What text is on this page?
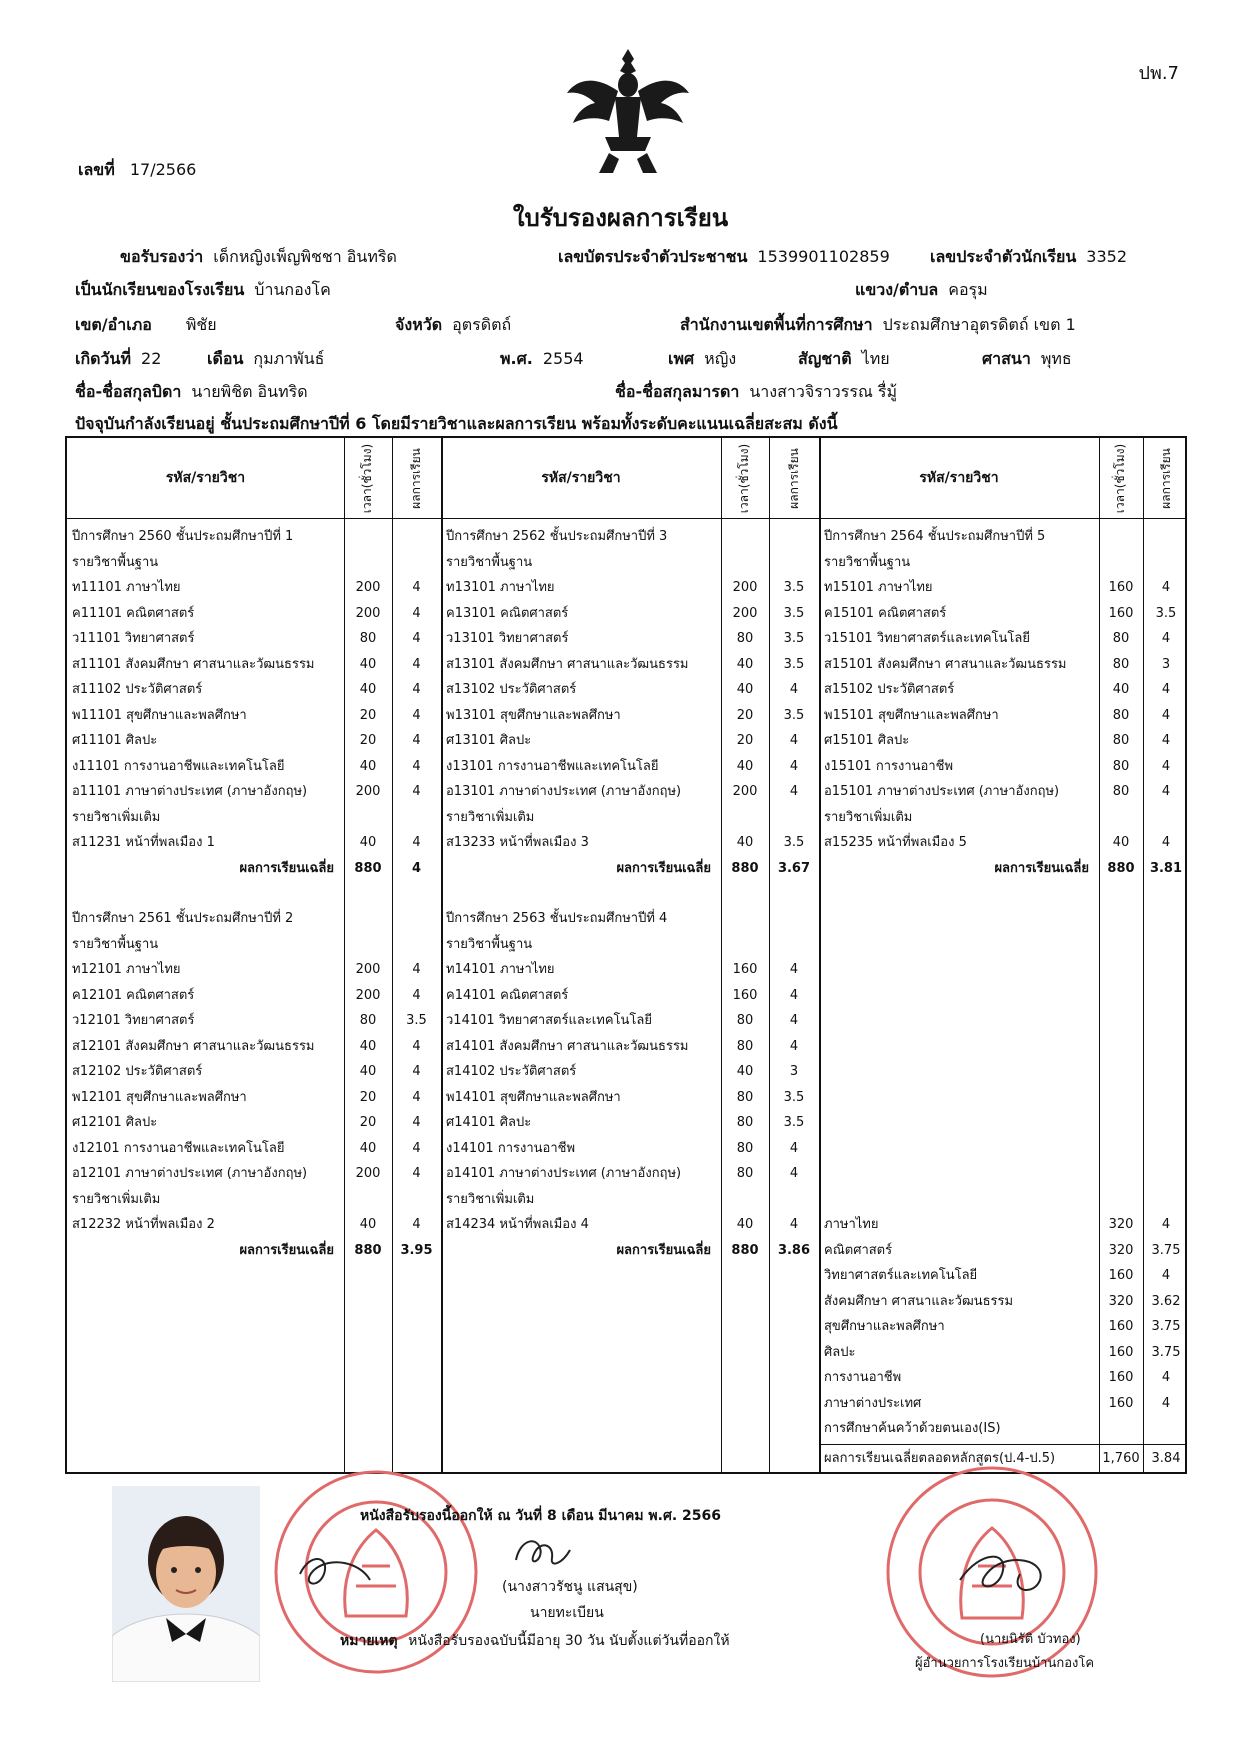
ปพ.7
เลขที่ 17/2566
ใบรับรองผลการเรียน
ขอรับรองว่า เด็กหญิงเพ็ญพิชชา อินทริด	เลขบัตรประจำตัวประชาชน 1539901102859	เลขประจำตัวนักเรียน 3352
เป็นนักเรียนของโรงเรียน บ้านกองโค	แขวง/ตำบล คอรุม
เขต/อำเภอ พิชัย	จังหวัด อุตรดิตถ์	สำนักงานเขตพื้นที่การศึกษา ประถมศึกษาอุตรดิตถ์ เขต 1
เกิดวันที่ 22	เดือน กุมภาพันธ์	พ.ศ. 2554	เพศ หญิง	สัญชาติ ไทย	ศาสนา พุทธ
ชื่อ-ชื่อสกุลบิดา นายพิชิต อินทริด	ชื่อ-ชื่อสกุลมารดา นางสาวจิราวรรณ รื่มู้
ปัจจุบันกำลังเรียนอยู่ ชั้นประถมศึกษาปีที่ 6 โดยมีรายวิชาและผลการเรียน พร้อมทั้งระดับคะแนนเฉลี่ยสะสม ดังนี้
รหัส/รายวิชา	เวลา(ชั่วโมง)	ผลการเรียน	รหัส/รายวิชา	เวลา(ชั่วโมง)	ผลการเรียน	รหัส/รายวิชา	เวลา(ชั่วโมง)	ผลการเรียน
ปีการศึกษา 2560 ชั้นประถมศึกษาปีที่ 1
รายวิชาพื้นฐาน
ท11101 ภาษาไทย	200	4
ค11101 คณิตศาสตร์	200	4
ว11101 วิทยาศาสตร์	80	4
ส11101 สังคมศึกษา ศาสนาและวัฒนธรรม	40	4
ส11102 ประวัติศาสตร์	40	4
พ11101 สุขศึกษาและพลศึกษา	20	4
ศ11101 ศิลปะ	20	4
ง11101 การงานอาชีพและเทคโนโลยี	40	4
อ11101 ภาษาต่างประเทศ (ภาษาอังกฤษ)	200	4
รายวิชาเพิ่มเติม
ส11231 หน้าที่พลเมือง 1	40	4
ผลการเรียนเฉลี่ย	880	4
ปีการศึกษา 2561 ชั้นประถมศึกษาปีที่ 2
รายวิชาพื้นฐาน
ท12101 ภาษาไทย	200	4
ค12101 คณิตศาสตร์	200	4
ว12101 วิทยาศาสตร์	80	3.5
ส12101 สังคมศึกษา ศาสนาและวัฒนธรรม	40	4
ส12102 ประวัติศาสตร์	40	4
พ12101 สุขศึกษาและพลศึกษา	20	4
ศ12101 ศิลปะ	20	4
ง12101 การงานอาชีพและเทคโนโลยี	40	4
อ12101 ภาษาต่างประเทศ (ภาษาอังกฤษ)	200	4
รายวิชาเพิ่มเติม
ส12232 หน้าที่พลเมือง 2	40	4
ผลการเรียนเฉลี่ย	880	3.95
ปีการศึกษา 2562 ชั้นประถมศึกษาปีที่ 3
รายวิชาพื้นฐาน
ท13101 ภาษาไทย	200	3.5
ค13101 คณิตศาสตร์	200	3.5
ว13101 วิทยาศาสตร์	80	3.5
ส13101 สังคมศึกษา ศาสนาและวัฒนธรรม	40	3.5
ส13102 ประวัติศาสตร์	40	4
พ13101 สุขศึกษาและพลศึกษา	20	3.5
ศ13101 ศิลปะ	20	4
ง13101 การงานอาชีพและเทคโนโลยี	40	4
อ13101 ภาษาต่างประเทศ (ภาษาอังกฤษ)	200	4
รายวิชาเพิ่มเติม
ส13233 หน้าที่พลเมือง 3	40	3.5
ผลการเรียนเฉลี่ย	880	3.67
ปีการศึกษา 2563 ชั้นประถมศึกษาปีที่ 4
รายวิชาพื้นฐาน
ท14101 ภาษาไทย	160	4
ค14101 คณิตศาสตร์	160	4
ว14101 วิทยาศาสตร์และเทคโนโลยี	80	4
ส14101 สังคมศึกษา ศาสนาและวัฒนธรรม	80	4
ส14102 ประวัติศาสตร์	40	3
พ14101 สุขศึกษาและพลศึกษา	80	3.5
ศ14101 ศิลปะ	80	3.5
ง14101 การงานอาชีพ	80	4
อ14101 ภาษาต่างประเทศ (ภาษาอังกฤษ)	80	4
รายวิชาเพิ่มเติม
ส14234 หน้าที่พลเมือง 4	40	4
ผลการเรียนเฉลี่ย	880	3.86
ปีการศึกษา 2564 ชั้นประถมศึกษาปีที่ 5
รายวิชาพื้นฐาน
ท15101 ภาษาไทย	160	4
ค15101 คณิตศาสตร์	160	3.5
ว15101 วิทยาศาสตร์และเทคโนโลยี	80	4
ส15101 สังคมศึกษา ศาสนาและวัฒนธรรม	80	3
ส15102 ประวัติศาสตร์	40	4
พ15101 สุขศึกษาและพลศึกษา	80	4
ศ15101 ศิลปะ	80	4
ง15101 การงานอาชีพ	80	4
อ15101 ภาษาต่างประเทศ (ภาษาอังกฤษ)	80	4
รายวิชาเพิ่มเติม
ส15235 หน้าที่พลเมือง 5	40	4
ผลการเรียนเฉลี่ย	880	3.81
ภาษาไทย	320	4
คณิตศาสตร์	320	3.75
วิทยาศาสตร์และเทคโนโลยี	160	4
สังคมศึกษา ศาสนาและวัฒนธรรม	320	3.62
สุขศึกษาและพลศึกษา	160	3.75
ศิลปะ	160	3.75
การงานอาชีพ	160	4
ภาษาต่างประเทศ	160	4
การศึกษาค้นคว้าด้วยตนเอง(IS)
ผลการเรียนเฉลี่ยตลอดหลักสูตร(ป.4-ป.5)	1,760 3.84
หนังสือรับรองนี้ออกให้ ณ วันที่ 8 เดือน มีนาคม พ.ศ. 2566
(นางสาวรัชนู แสนสุข)
นายทะเบียน
หมายเหตุ หนังสือรับรองฉบับนี้มีอายุ 30 วัน นับตั้งแต่วันที่ออกให้	(นายนิรัติ บัวทอง)
ผู้อำนวยการโรงเรียนบ้านกองโค
